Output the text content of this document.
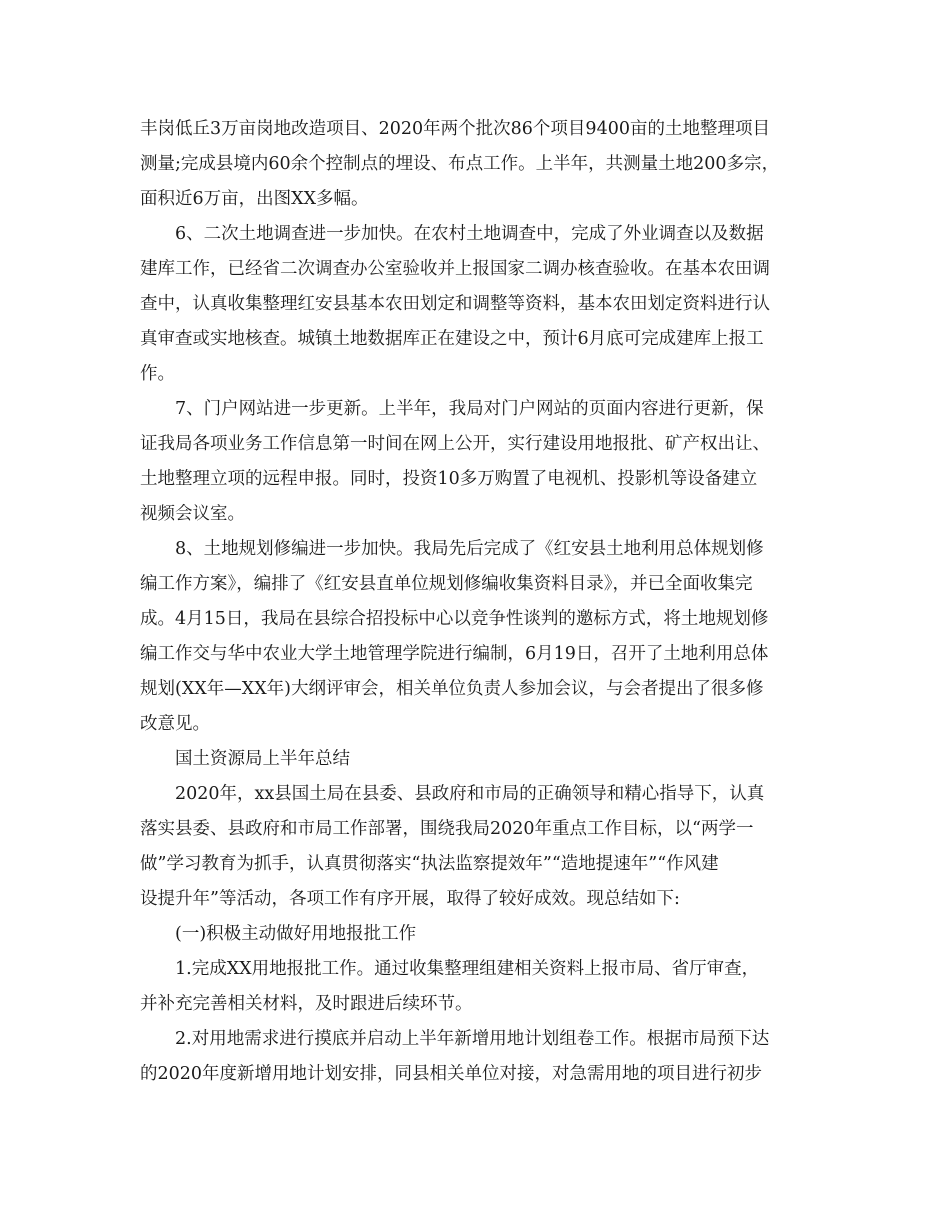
丰岗低丘3万亩岗地改造项目、2020年两个批次86个项目9400亩的土地整理项目
测量;完成县境内60余个控制点的埋设、布点工作。上半年，共测量土地200多宗，
面积近6万亩，出图XX多幅。
6、二次土地调查进一步加快。在农村土地调查中，完成了外业调查以及数据
建库工作，已经省二次调查办公室验收并上报国家二调办核查验收。在基本农田调
查中，认真收集整理红安县基本农田划定和调整等资料，基本农田划定资料进行认
真审查或实地核查。城镇土地数据库正在建设之中，预计6月底可完成建库上报工
作。
7、门户网站进一步更新。上半年，我局对门户网站的页面内容进行更新，保
证我局各项业务工作信息第一时间在网上公开，实行建设用地报批、矿产权出让、
土地整理立项的远程申报。同时，投资10多万购置了电视机、投影机等设备建立
视频会议室。
8、土地规划修编进一步加快。我局先后完成了《红安县土地利用总体规划修
编工作方案》，编排了《红安县直单位规划修编收集资料目录》，并已全面收集完
成。4月15日，我局在县综合招投标中心以竞争性谈判的邀标方式，将土地规划修
编工作交与华中农业大学土地管理学院进行编制，6月19日，召开了土地利用总体
规划(XX年—XX年)大纲评审会，相关单位负责人参加会议，与会者提出了很多修
改意见。
国土资源局上半年总结
2020年，xx县国土局在县委、县政府和市局的正确领导和精心指导下，认真
落实县委、县政府和市局工作部署，围绕我局2020年重点工作目标，以“两学一
做”学习教育为抓手，认真贯彻落实“执法监察提效年”“造地提速年”“作风建
设提升年”等活动，各项工作有序开展，取得了较好成效。现总结如下:
(一)积极主动做好用地报批工作
1.完成XX用地报批工作。通过收集整理组建相关资料上报市局、省厅审查，
并补充完善相关材料，及时跟进后续环节。
2.对用地需求进行摸底并启动上半年新增用地计划组卷工作。根据市局预下达
的2020年度新增用地计划安排，同县相关单位对接，对急需用地的项目进行初步
